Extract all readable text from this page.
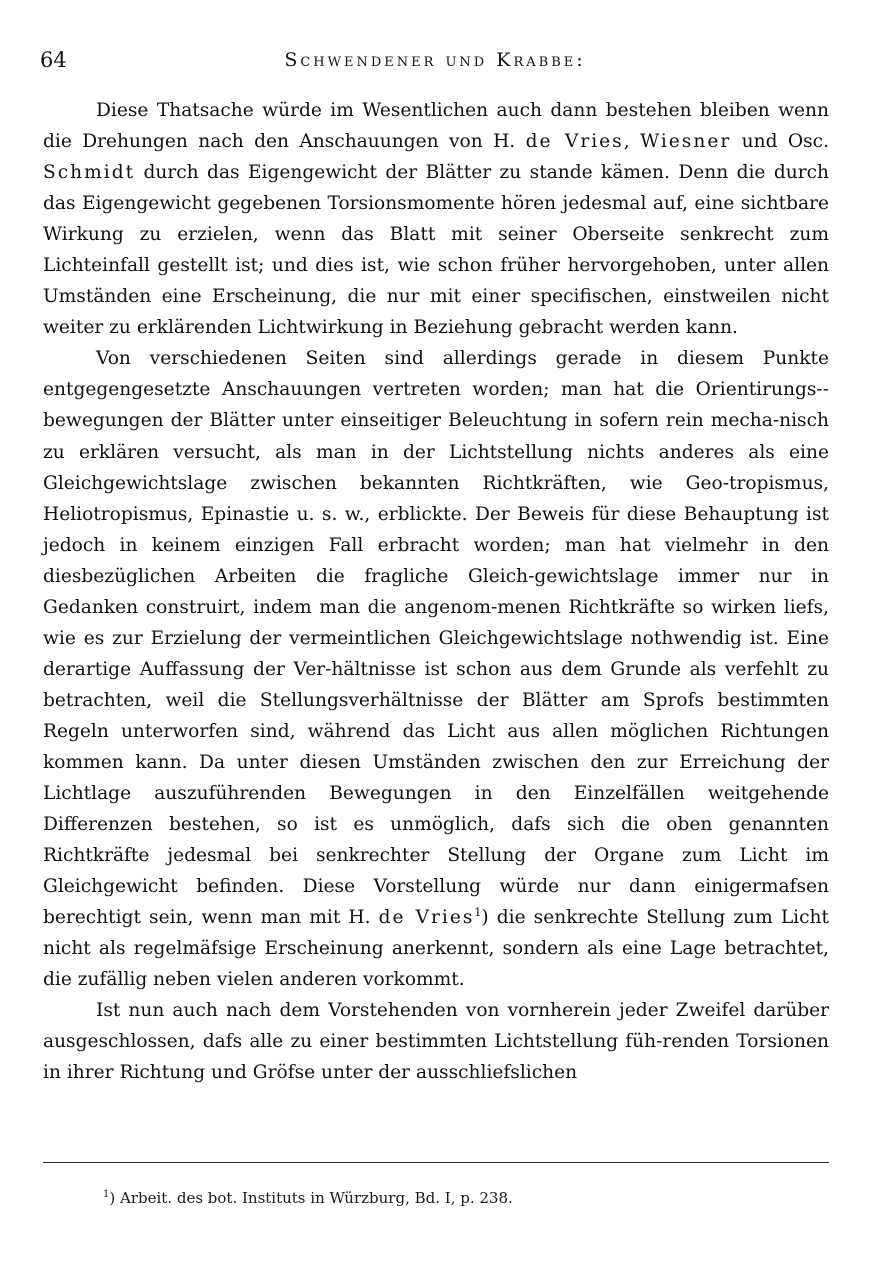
64	Schwendener und Krabbe:

Diese Thatsache würde im Wesentlichen auch dann bestehen bleiben wenn die Drehungen nach den Anschauungen von H. de Vries, Wiesner und Osc. Schmidt durch das Eigengewicht der Blätter zu stande kämen. Denn die durch das Eigengewicht gegebenen Torsionsmomente hören jedesmal auf, eine sichtbare Wirkung zu erzielen, wenn das Blatt mit seiner Oberseite senkrecht zum Lichteinfall gestellt ist; und dies ist, wie schon früher hervorgehoben, unter allen Umständen eine Erscheinung, die nur mit einer specifischen, einstweilen nicht weiter zu erklärenden Lichtwirkung in Beziehung gebracht werden kann.

Von verschiedenen Seiten sind allerdings gerade in diesem Punkte entgegengesetzte Anschauungen vertreten worden; man hat die Orientirungs-bewegungen der Blätter unter einseitiger Beleuchtung in sofern rein mecha-nisch zu erklären versucht, als man in der Lichtstellung nichts anderes als eine Gleichgewichtslage zwischen bekannten Richtkräften, wie Geo-tropismus, Heliotropismus, Epinastie u. s. w., erblickte. Der Beweis für diese Behauptung ist jedoch in keinem einzigen Fall erbracht worden; man hat vielmehr in den diesbezüglichen Arbeiten die fragliche Gleich-gewichtslage immer nur in Gedanken construirt, indem man die angenom-menen Richtkräfte so wirken liefs, wie es zur Erzielung der vermeintlichen Gleichgewichtslage nothwendig ist. Eine derartige Auffassung der Ver-hältnisse ist schon aus dem Grunde als verfehlt zu betrachten, weil die Stellungsverhältnisse der Blätter am Sprofs bestimmten Regeln unterworfen sind, während das Licht aus allen möglichen Richtungen kommen kann. Da unter diesen Umständen zwischen den zur Erreichung der Lichtlage auszuführenden Bewegungen in den Einzelfällen weitgehende Differenzen bestehen, so ist es unmöglich, dafs sich die oben genannten Richtkräfte jedesmal bei senkrechter Stellung der Organe zum Licht im Gleichgewicht befinden. Diese Vorstellung würde nur dann einigermafsen berechtigt sein, wenn man mit H. de Vries$^1$) die senkrechte Stellung zum Licht nicht als regelmäfsige Erscheinung anerkennt, sondern als eine Lage betrachtet, die zufällig neben vielen anderen vorkommt.

Ist nun auch nach dem Vorstehenden von vornherein jeder Zweifel darüber ausgeschlossen, dafs alle zu einer bestimmten Lichtstellung füh-renden Torsionen in ihrer Richtung und Gröfse unter der ausschliefslichen

$^1$) Arbeit. des bot. Instituts in Würzburg, Bd. I, p. 238.
